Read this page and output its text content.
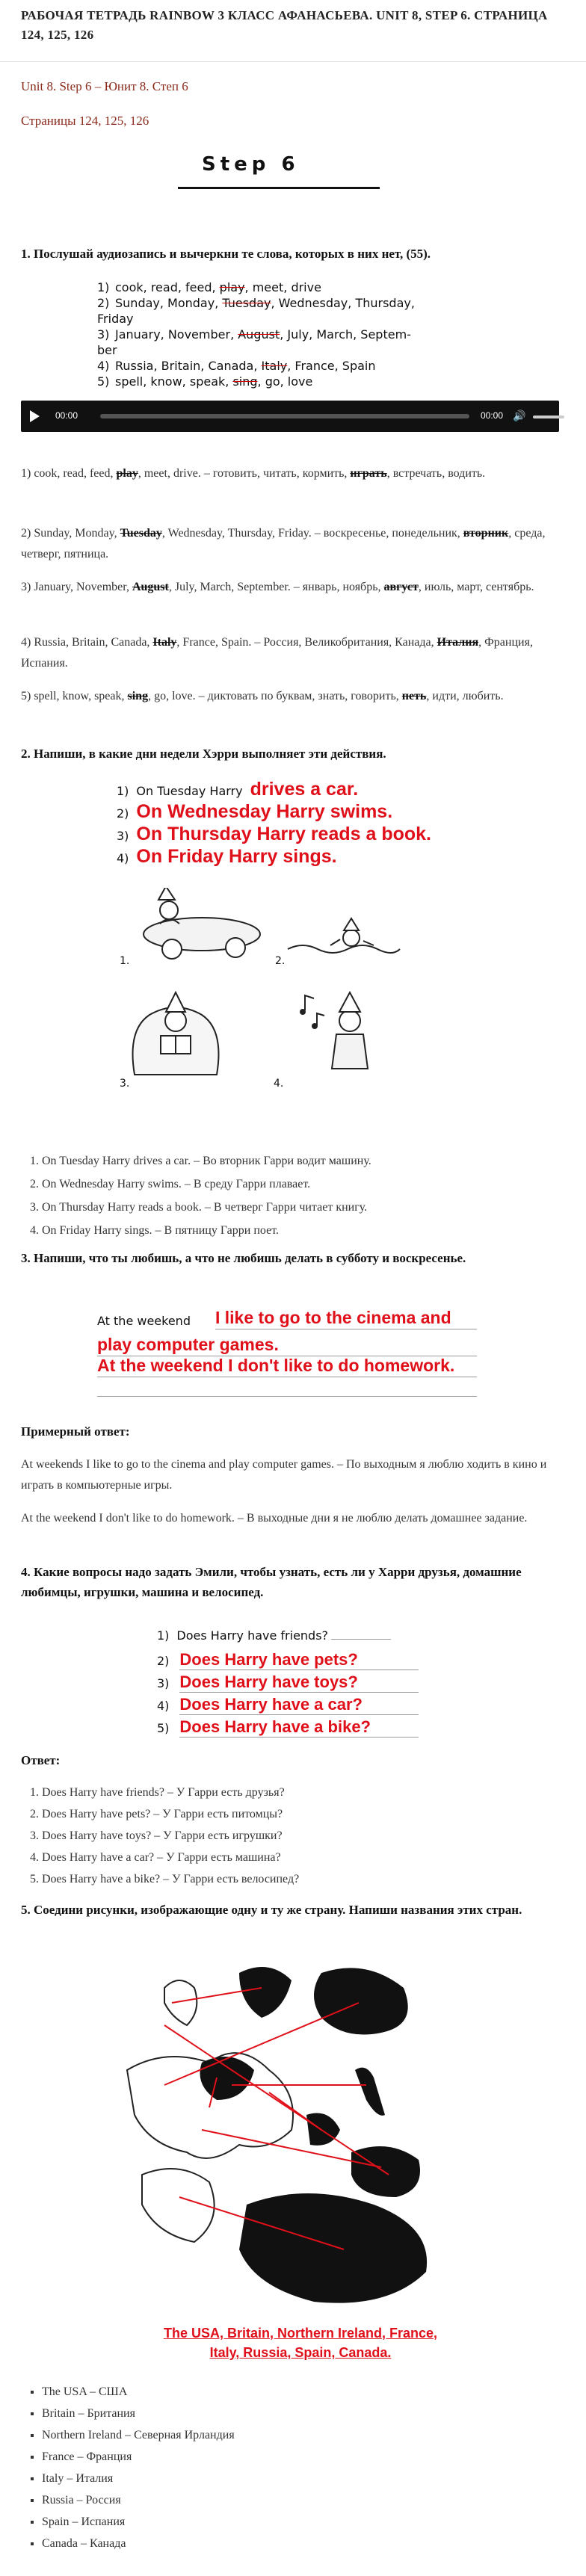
РАБОЧАЯ ТЕТРАДЬ RAINBOW 3 КЛАСС АФАНАСЬЕВА. UNIT 8, STEP 6. СТРАНИЦА 124, 125, 126
Unit 8. Step 6 – Юнит 8. Степ 6
Страницы 124, 125, 126
Step 6
1. Послушай аудиозапись и вычеркни те слова, которых в них нет, (55).
1) cook, read, feed, play, meet, drive
2) Sunday, Monday, Tuesday, Wednesday, Thursday,
Friday
3) January, November, August, July, March, Septem-
ber
4) Russia, Britain, Canada, Italy, France, Spain
5) spell, know, speak, sing, go, love
00:00	00:00 🔊
1) cook, read, feed, play, meet, drive. – готовить, читать, кормить, играть, встречать, водить.
2) Sunday, Monday, Tuesday, Wednesday, Thursday, Friday. – воскресенье, понедельник, вторник, среда, четверг, пятница.
3) January, November, August, July, March, September. – январь, ноябрь, август, июль, март, сентябрь.
4) Russia, Britain, Canada, Italy, France, Spain. – Россия, Великобритания, Канада, Италия, Франция, Испания.
5) spell, know, speak, sing, go, love. – диктовать по буквам, знать, говорить, петь, идти, любить.
2. Напиши, в какие дни недели Хэрри выполняет эти действия.
1) On Tuesday Harry drives a car.
2) On Wednesday Harry swims.
3) On Thursday Harry reads a book.
4) On Friday Harry sings.
1.	2.
3.	4.
1. On Tuesday Harry drives a car. – Во вторник Гарри водит машину.
2. On Wednesday Harry swims. – В среду Гарри плавает.
3. On Thursday Harry reads a book. – В четверг Гарри читает книгу.
4. On Friday Harry sings. – В пятницу Гарри поет.
3. Напиши, что ты любишь, а что не любишь делать в субботу и воскресенье.
At the weekend I like to go to the cinema and
play computer games.
At the weekend I don't like to do homework.
Примерный ответ:
At weekends I like to go to the cinema and play computer games. – По выходным я люблю ходить в кино и играть в компьютерные игры.
At the weekend I don't like to do homework. – В выходные дни я не люблю делать домашнее задание.
4. Какие вопросы надо задать Эмили, чтобы узнать, есть ли у Харри друзья, домашние любимцы, игрушки, машина и велосипед.
1) Does Harry have friends?
2) Does Harry have pets?
3) Does Harry have toys?
4) Does Harry have a car?
5) Does Harry have a bike?
Ответ:
1. Does Harry have friends? – У Гарри есть друзья?
2. Does Harry have pets? – У Гарри есть питомцы?
3. Does Harry have toys? – У Гарри есть игрушки?
4. Does Harry have a car? – У Гарри есть машина?
5. Does Harry have a bike? – У Гарри есть велосипед?
5. Соедини рисунки, изображающие одну и ту же страну. Напиши названия этих стран.
The USA, Britain, Northern Ireland, France,
Italy, Russia, Spain, Canada.
▪ The USA – США
▪ Britain – Британия
▪ Northern Ireland – Северная Ирландия
▪ France – Франция
▪ Italy – Италия
▪ Russia – Россия
▪ Spain – Испания
▪ Canada – Канада
